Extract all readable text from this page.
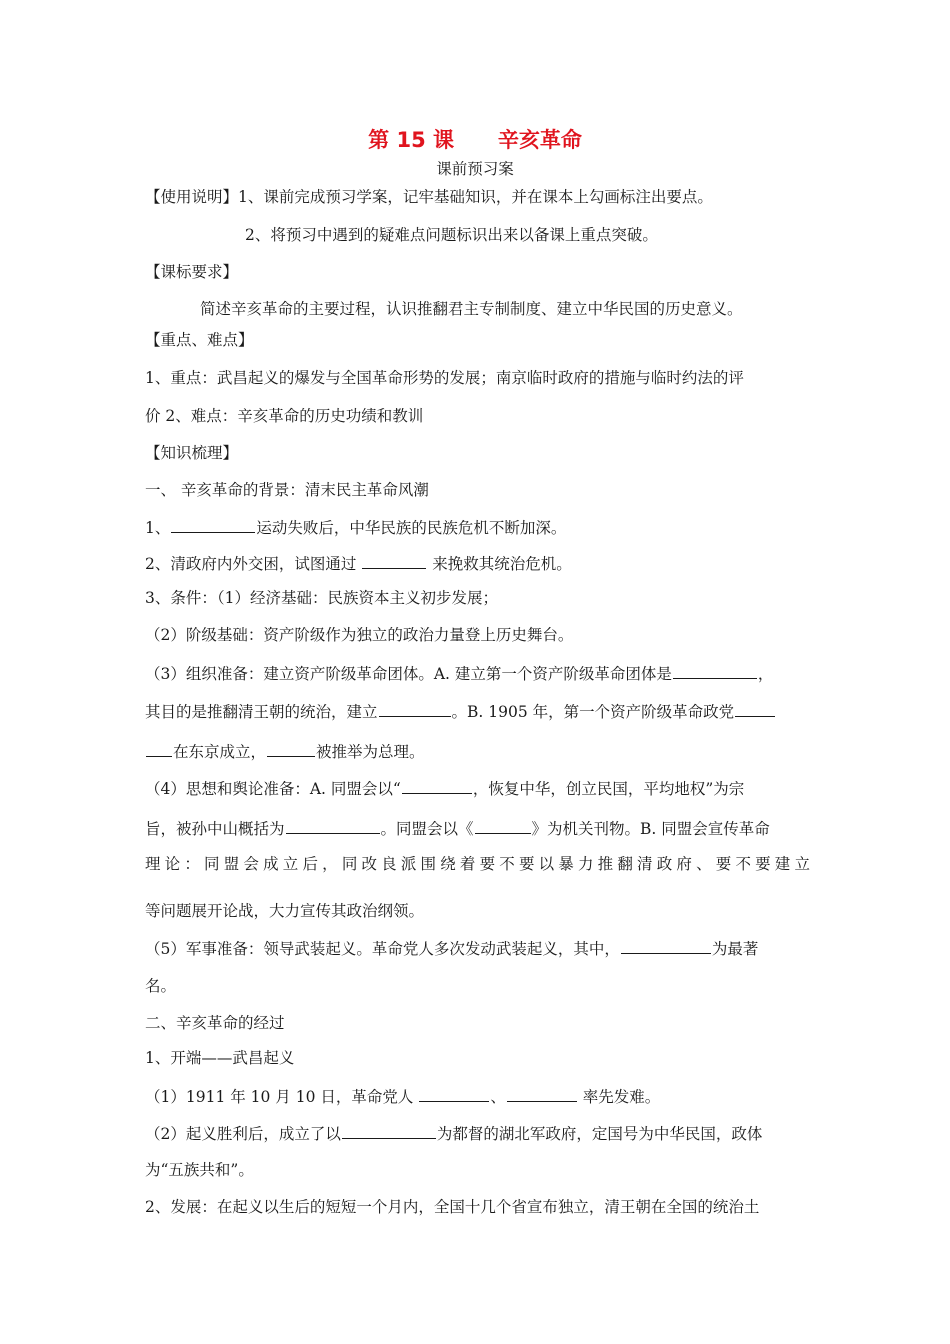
第 15 课      辛亥革命
课前预习案
【使用说明】1、课前完成预习学案，记牢基础知识，并在课本上勾画标注出要点。
2、将预习中遇到的疑难点问题标识出来以备课上重点突破。
【课标要求】
简述辛亥革命的主要过程，认识推翻君主专制制度、建立中华民国的历史意义。
【重点、难点】
1、重点：武昌起义的爆发与全国革命形势的发展；南京临时政府的措施与临时约法的评
价 2、难点：辛亥革命的历史功绩和教训
【知识梳理】
一、 辛亥革命的背景：清末民主革命风潮
1、	运动失败后，中华民族的民族危机不断加深。
2、清政府内外交困，试图通过	来挽救其统治危机。
3、条件：（1）经济基础：民族资本主义初步发展；
（2）阶级基础：资产阶级作为独立的政治力量登上历史舞台。
（3）组织准备：建立资产阶级革命团体。A. 建立第一个资产阶级革命团体是	，
其目的是推翻清王朝的统治，建立	。B. 1905 年，第一个资产阶级革命政党
在东京成立，	被推举为总理。
（4）思想和舆论准备：A. 同盟会以“	，恢复中华，创立民国，平均地权”为宗
旨，被孙中山概括为	。同盟会以《	》为机关刊物。B. 同盟会宣传革命
理论：同盟会成立后，同改良派围绕着要不要以暴力推翻清政府、要不要建立
等问题展开论战，大力宣传其政治纲领。
（5）军事准备：领导武装起义。革命党人多次发动武装起义，其中，	为最著
名。
二、辛亥革命的经过
1、开端——武昌起义
（1）1911 年 10 月 10 日，革命党人	、	率先发难。
（2）起义胜利后，成立了以	为都督的湖北军政府，定国号为中华民国，政体
为“五族共和”。
2、发展：在起义以生后的短短一个月内，全国十几个省宣布独立，清王朝在全国的统治土
